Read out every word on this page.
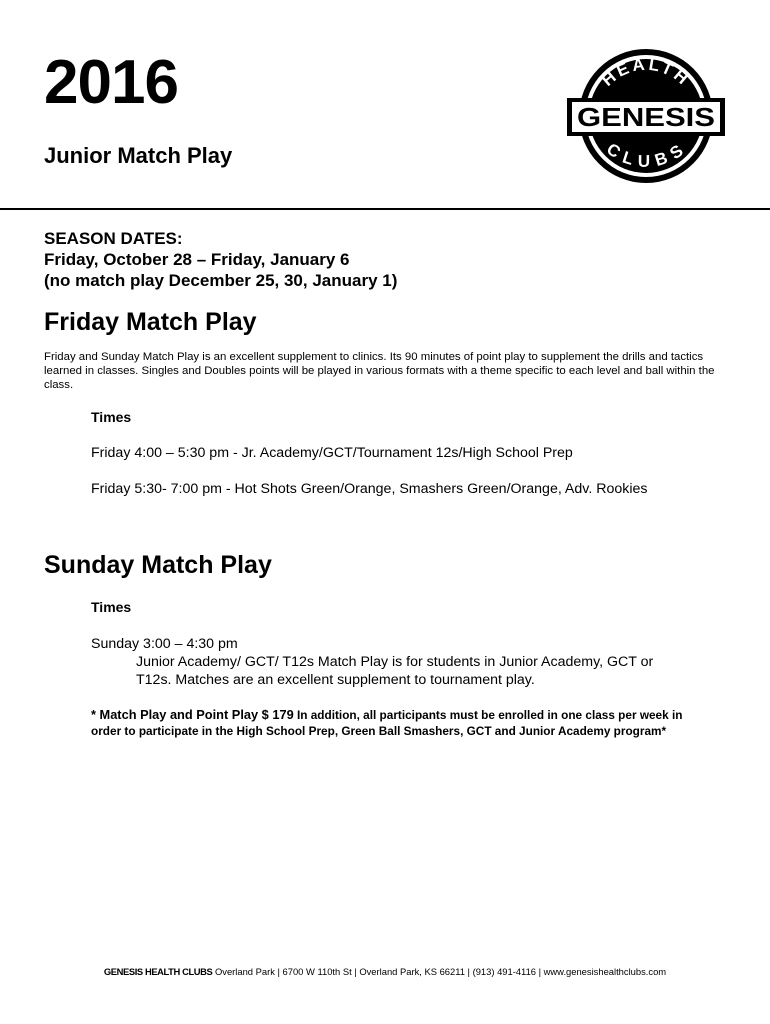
2016
Junior Match Play
HEALTH
CLUBS
GENESIS
SEASON DATES:
Friday, October 28 – Friday, January 6
(no match play December 25, 30, January 1)
Friday Match Play
Friday and Sunday Match Play is an excellent supplement to clinics. Its 90 minutes of point play to supplement the drills and tactics
learned in classes. Singles and Doubles points will be played in various formats with a theme specific to each level and ball within the
class.
Times
Friday 4:00 – 5:30 pm - Jr. Academy/GCT/Tournament 12s/High School Prep
Friday 5:30- 7:00 pm - Hot Shots Green/Orange, Smashers Green/Orange, Adv. Rookies
Sunday Match Play
Times
Sunday 3:00 – 4:30 pm
Junior Academy/ GCT/ T12s Match Play is for students in Junior Academy, GCT or
T12s. Matches are an excellent supplement to tournament play.
* Match Play and Point Play $ 179 In addition, all participants must be enrolled in one class per week in
order to participate in the High School Prep, Green Ball Smashers, GCT and Junior Academy program*
GENESIS HEALTH CLUBS Overland Park | 6700 W 110th St | Overland Park, KS 66211 | (913) 491-4116 | www.genesishealthclubs.com
